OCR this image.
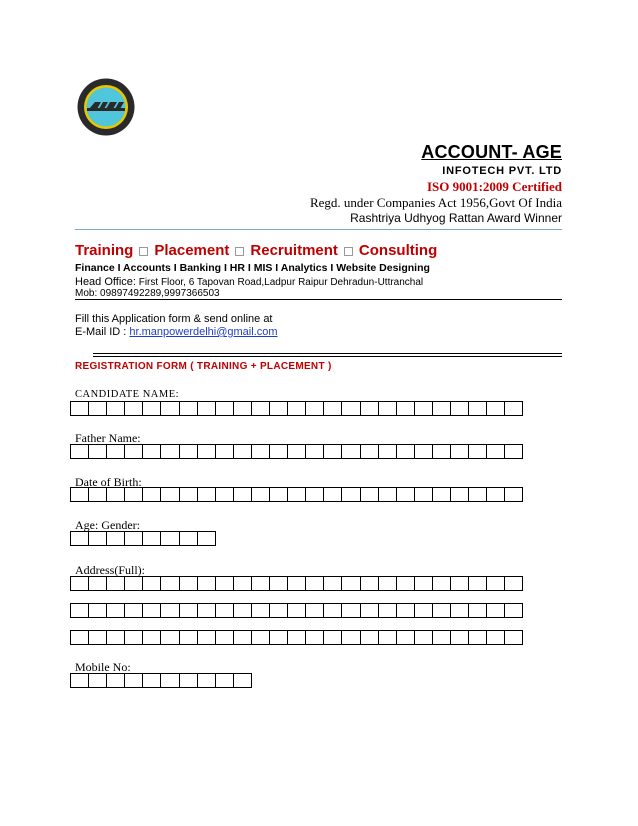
ACCOUNT- AGE
INFOTECH PVT. LTD
ISO 9001:2009 Certified
Regd. under Companies Act 1956,Govt Of India
Rashtriya Udhyog Rattan Award Winner
Training Placement Recruitment Consulting
Finance I Accounts I Banking I HR I MIS I Analytics I Website Designing
Head Office: First Floor, 6 Tapovan Road,Ladpur Raipur Dehradun-Uttranchal
Mob: 09897492289,9997366503
Fill this Application form & send online at
E-Mail ID : hr.manpowerdelhi@gmail.com
REGISTRATION FORM ( TRAINING + PLACEMENT )
CANDIDATE NAME:
Father Name:
Date of Birth:
Age: Gender:
Address(Full):
Mobile No:
